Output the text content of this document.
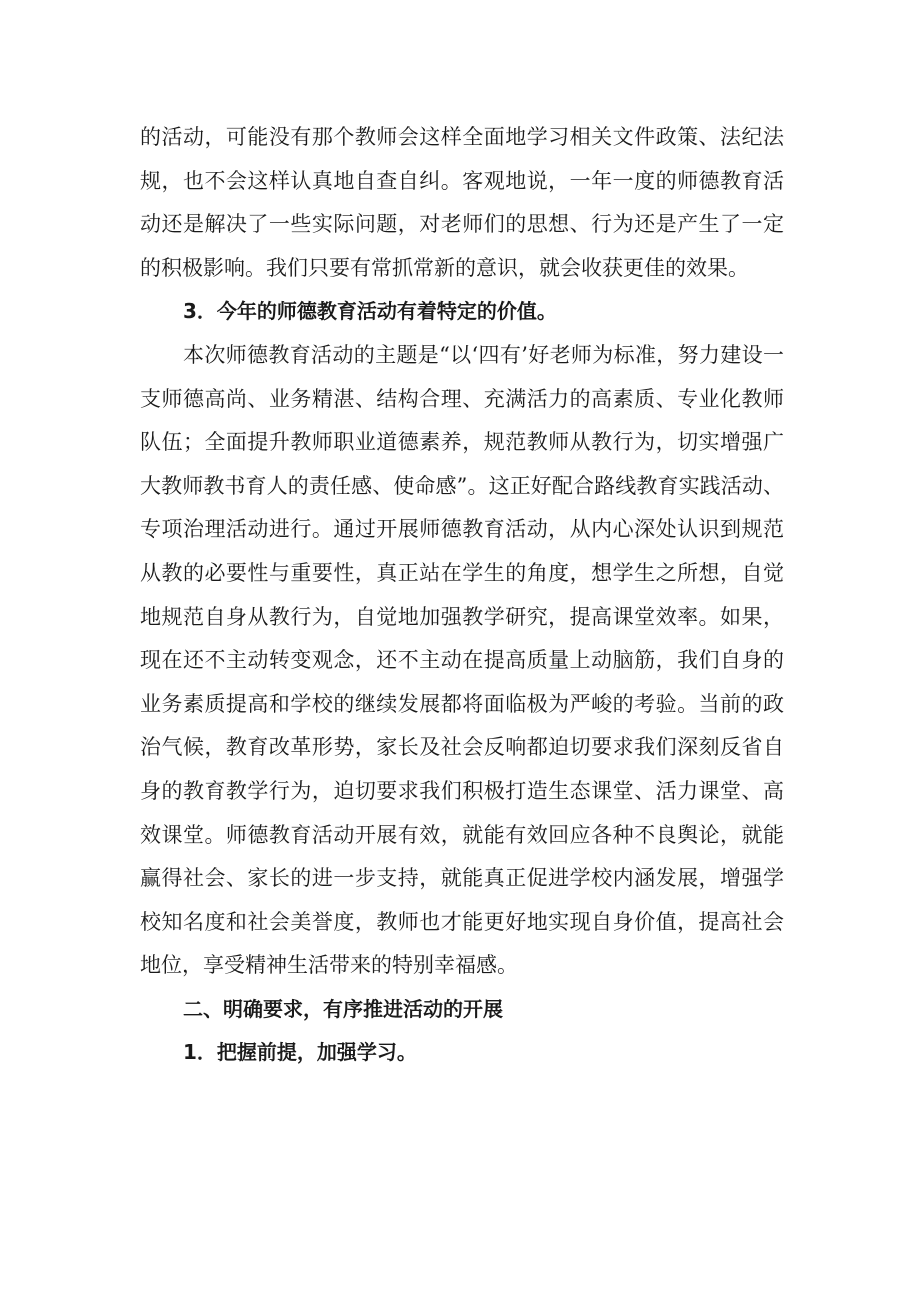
的活动，可能没有那个教师会这样全面地学习相关文件政策、法纪法规，也不会这样认真地自查自纠。客观地说，一年一度的师德教育活动还是解决了一些实际问题，对老师们的思想、行为还是产生了一定的积极影响。我们只要有常抓常新的意识，就会收获更佳的效果。

3．今年的师德教育活动有着特定的价值。

本次师德教育活动的主题是“以‘四有’好老师为标准，努力建设一支师德高尚、业务精湛、结构合理、充满活力的高素质、专业化教师队伍；全面提升教师职业道德素养，规范教师从教行为，切实增强广大教师教书育人的责任感、使命感”。这正好配合路线教育实践活动、专项治理活动进行。通过开展师德教育活动，从内心深处认识到规范从教的必要性与重要性，真正站在学生的角度，想学生之所想，自觉地规范自身从教行为，自觉地加强教学研究，提高课堂效率。如果，现在还不主动转变观念，还不主动在提高质量上动脑筋，我们自身的业务素质提高和学校的继续发展都将面临极为严峻的考验。当前的政治气候，教育改革形势，家长及社会反响都迫切要求我们深刻反省自身的教育教学行为，迫切要求我们积极打造生态课堂、活力课堂、高效课堂。师德教育活动开展有效，就能有效回应各种不良舆论，就能赢得社会、家长的进一步支持，就能真正促进学校内涵发展，增强学校知名度和社会美誉度，教师也才能更好地实现自身价值，提高社会地位，享受精神生活带来的特别幸福感。

二、明确要求，有序推进活动的开展

1．把握前提，加强学习。
